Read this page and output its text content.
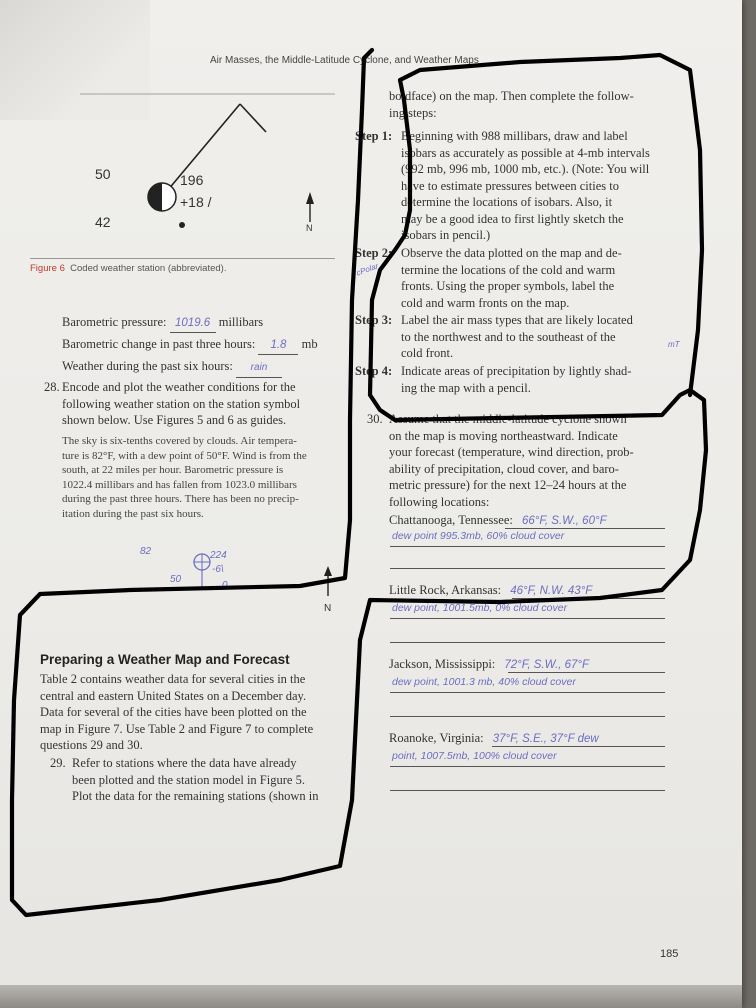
Air Masses, the Middle-Latitude Cyclone, and Weather Maps
50
42
196
+18 /
N
Figure 6 Coded weather station (abbreviated).
Barometric pressure: 1019.6 millibars
Barometric change in past three hours: 1.8 mb
Weather during the past six hours: rain
28. Encode and plot the weather conditions for the
following weather station on the station symbol
shown below. Use Figures 5 and 6 as guides.
The sky is six-tenths covered by clouds. Air tempera-
ture is 82°F, with a dew point of 50°F. Wind is from the
south, at 22 miles per hour. Barometric pressure is
1022.4 millibars and has fallen from 1023.0 millibars
during the past three hours. There has been no precip-
itation during the past six hours.
82	224
-6\
50
0
N
Preparing a Weather Map and Forecast
Table 2 contains weather data for several cities in the
central and eastern United States on a December day.
Data for several of the cities have been plotted on the
map in Figure 7. Use Table 2 and Figure 7 to complete
questions 29 and 30.
29. Refer to stations where the data have already
been plotted and the station model in Figure 5.
Plot the data for the remaining stations (shown in
boldface) on the map. Then complete the follow-
ing steps:
Step 1: Beginning with 988 millibars, draw and label
isobars as accurately as possible at 4-mb intervals
(992 mb, 996 mb, 1000 mb, etc.). (Note: You will
have to estimate pressures between cities to
determine the locations of isobars. Also, it
may be a good idea to first lightly sketch the
isobars in pencil.)
Step 2: Observe the data plotted on the map and de-
termine the locations of the cold and warm
fronts. Using the proper symbols, label the
cold and warm fronts on the map.
cPolar
Step 3: Label the air mass types that are likely located
to the northwest and to the southeast of the
cold front.
mT
Step 4: Indicate areas of precipitation by lightly shad-
ing the map with a pencil.
30. Assume that the middle-latitude cyclone shown
on the map is moving northeastward. Indicate
your forecast (temperature, wind direction, prob-
ability of precipitation, cloud cover, and baro-
metric pressure) for the next 12–24 hours at the
following locations:
Chattanooga, Tennessee: 66°F, S.W., 60°F
dew point 995.3mb, 60% cloud cover
Little Rock, Arkansas: 46°F, N.W. 43°F
dew point, 1001.5mb, 0% cloud cover
Jackson, Mississippi: 72°F, S.W., 67°F
dew point, 1001.3 mb, 40% cloud cover
Roanoke, Virginia: 37°F, S.E., 37°F dew
point, 1007.5mb, 100% cloud cover
185
